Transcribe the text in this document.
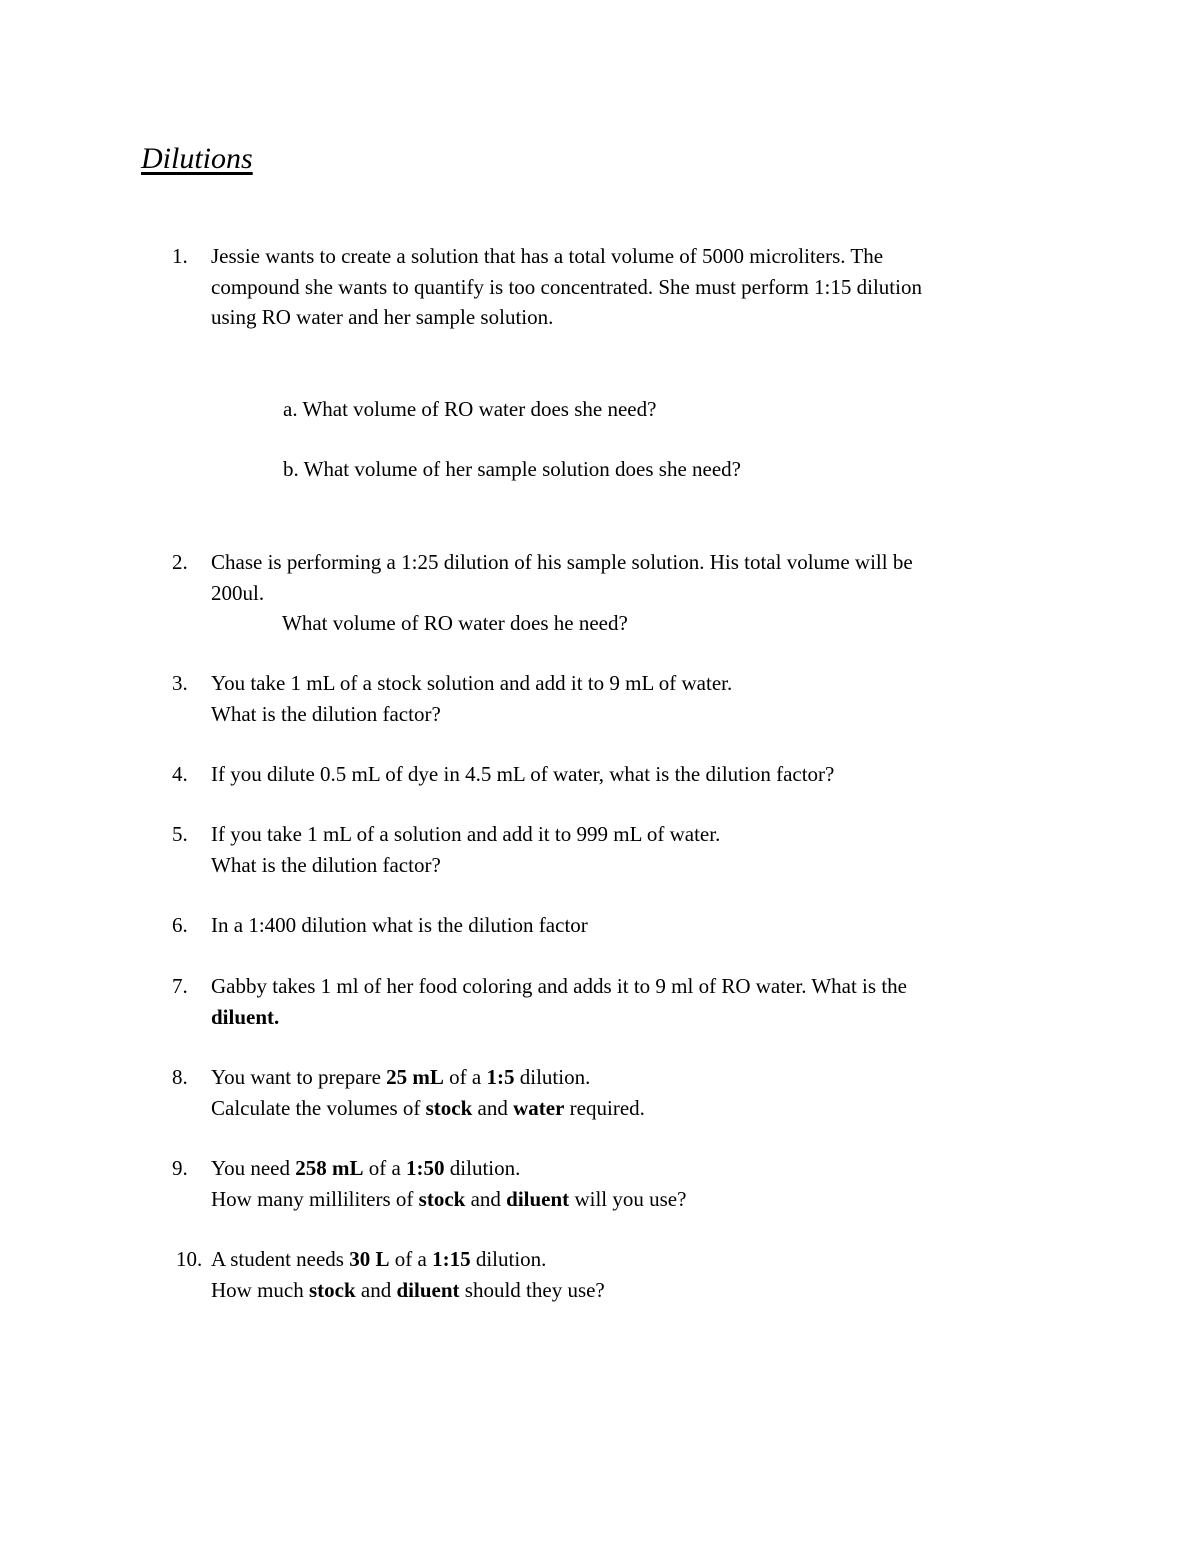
Dilutions
1.	Jessie wants to create a solution that has a total volume of 5000 microliters. The
compound she wants to quantify is too concentrated. She must perform 1:15 dilution
using RO water and her sample solution.
a. What volume of RO water does she need?
b. What volume of her sample solution does she need?
2.	Chase is performing a 1:25 dilution of his sample solution. His total volume will be
200ul.
What volume of RO water does he need?
3.	You take 1 mL of a stock solution and add it to 9 mL of water.
What is the dilution factor?
4.	If you dilute 0.5 mL of dye in 4.5 mL of water, what is the dilution factor?
5.	If you take 1 mL of a solution and add it to 999 mL of water.
What is the dilution factor?
6.	In a 1:400 dilution what is the dilution factor
7.	Gabby takes 1 ml of her food coloring and adds it to 9 ml of RO water. What is the
diluent.
8.	You want to prepare 25 mL of a 1:5 dilution.
Calculate the volumes of stock and water required.
9.	You need 258 mL of a 1:50 dilution.
How many milliliters of stock and diluent will you use?
10. A student needs 30 L of a 1:15 dilution.
How much stock and diluent should they use?
